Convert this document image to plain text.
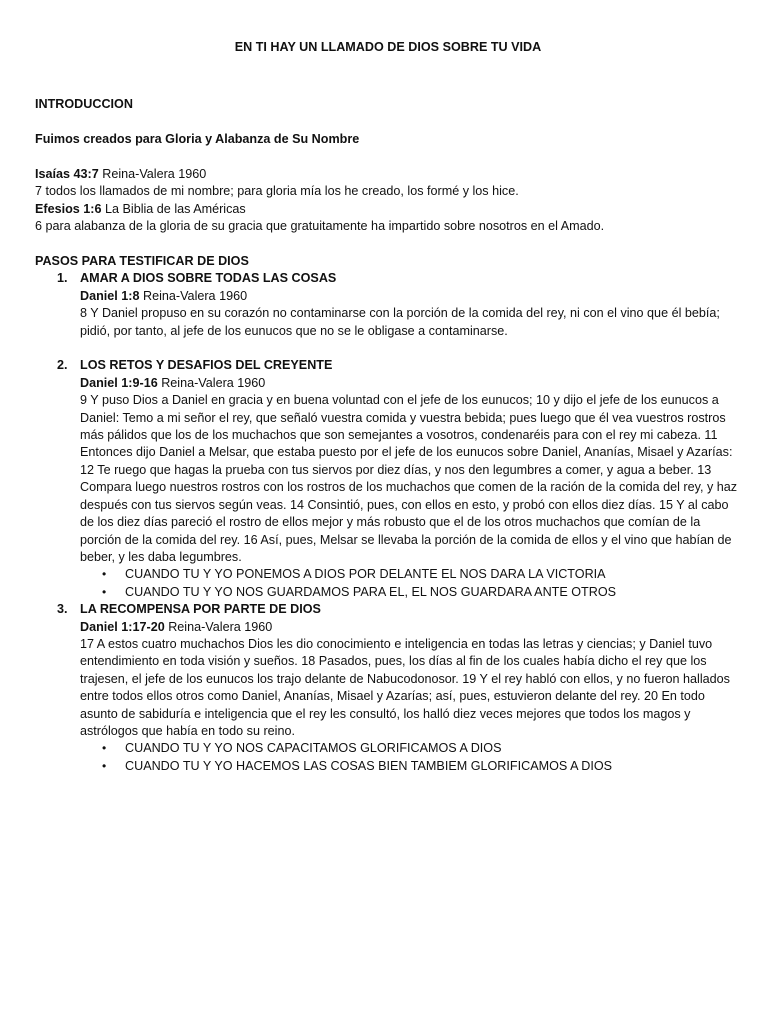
EN TI HAY UN LLAMADO DE DIOS SOBRE TU VIDA

INTRODUCCION

Fuimos creados para Gloria y Alabanza de Su Nombre

Isaías 43:7 Reina-Valera 1960

7 todos los llamados de mi nombre; para gloria mía los he creado, los formé y los hice.

Efesios 1:6 La Biblia de las Américas

6 para alabanza de la gloria de su gracia que gratuitamente ha impartido sobre nosotros en el Amado.

PASOS PARA TESTIFICAR DE DIOS

1. AMAR A DIOS SOBRE TODAS LAS COSAS

Daniel 1:8 Reina-Valera 1960

8 Y Daniel propuso en su corazón no contaminarse con la porción de la comida del rey, ni con el vino que él bebía; pidió, por tanto, al jefe de los eunucos que no se le obligase a contaminarse.

2. LOS RETOS Y DESAFIOS DEL CREYENTE

Daniel 1:9-16 Reina-Valera 1960

9 Y puso Dios a Daniel en gracia y en buena voluntad con el jefe de los eunucos; 10 y dijo el jefe de los eunucos a Daniel: Temo a mi señor el rey, que señaló vuestra comida y vuestra bebida; pues luego que él vea vuestros rostros más pálidos que los de los muchachos que son semejantes a vosotros, condenaréis para con el rey mi cabeza. 11 Entonces dijo Daniel a Melsar, que estaba puesto por el jefe de los eunucos sobre Daniel, Ananías, Misael y Azarías: 12 Te ruego que hagas la prueba con tus siervos por diez días, y nos den legumbres a comer, y agua a beber. 13 Compara luego nuestros rostros con los rostros de los muchachos que comen de la ración de la comida del rey, y haz después con tus siervos según veas. 14 Consintió, pues, con ellos en esto, y probó con ellos diez días. 15 Y al cabo de los diez días pareció el rostro de ellos mejor y más robusto que el de los otros muchachos que comían de la porción de la comida del rey. 16 Así, pues, Melsar se llevaba la porción de la comida de ellos y el vino que habían de beber, y les daba legumbres.

• CUANDO TU Y YO PONEMOS A DIOS POR DELANTE EL NOS DARA LA VICTORIA
• CUANDO TU Y YO NOS GUARDAMOS PARA EL, EL NOS GUARDARA ANTE OTROS
3. LA RECOMPENSA POR PARTE DE DIOS

Daniel 1:17-20 Reina-Valera 1960

17 A estos cuatro muchachos Dios les dio conocimiento e inteligencia en todas las letras y ciencias; y Daniel tuvo entendimiento en toda visión y sueños. 18 Pasados, pues, los días al fin de los cuales había dicho el rey que los trajesen, el jefe de los eunucos los trajo delante de Nabucodonosor. 19 Y el rey habló con ellos, y no fueron hallados entre todos ellos otros como Daniel, Ananías, Misael y Azarías; así, pues, estuvieron delante del rey. 20 En todo asunto de sabiduría e inteligencia que el rey les consultó, los halló diez veces mejores que todos los magos y astrólogos que había en todo su reino.

• CUANDO TU Y YO NOS CAPACITAMOS GLORIFICAMOS A DIOS
• CUANDO TU Y YO HACEMOS LAS COSAS BIEN TAMBIEM GLORIFICAMOS A DIOS
